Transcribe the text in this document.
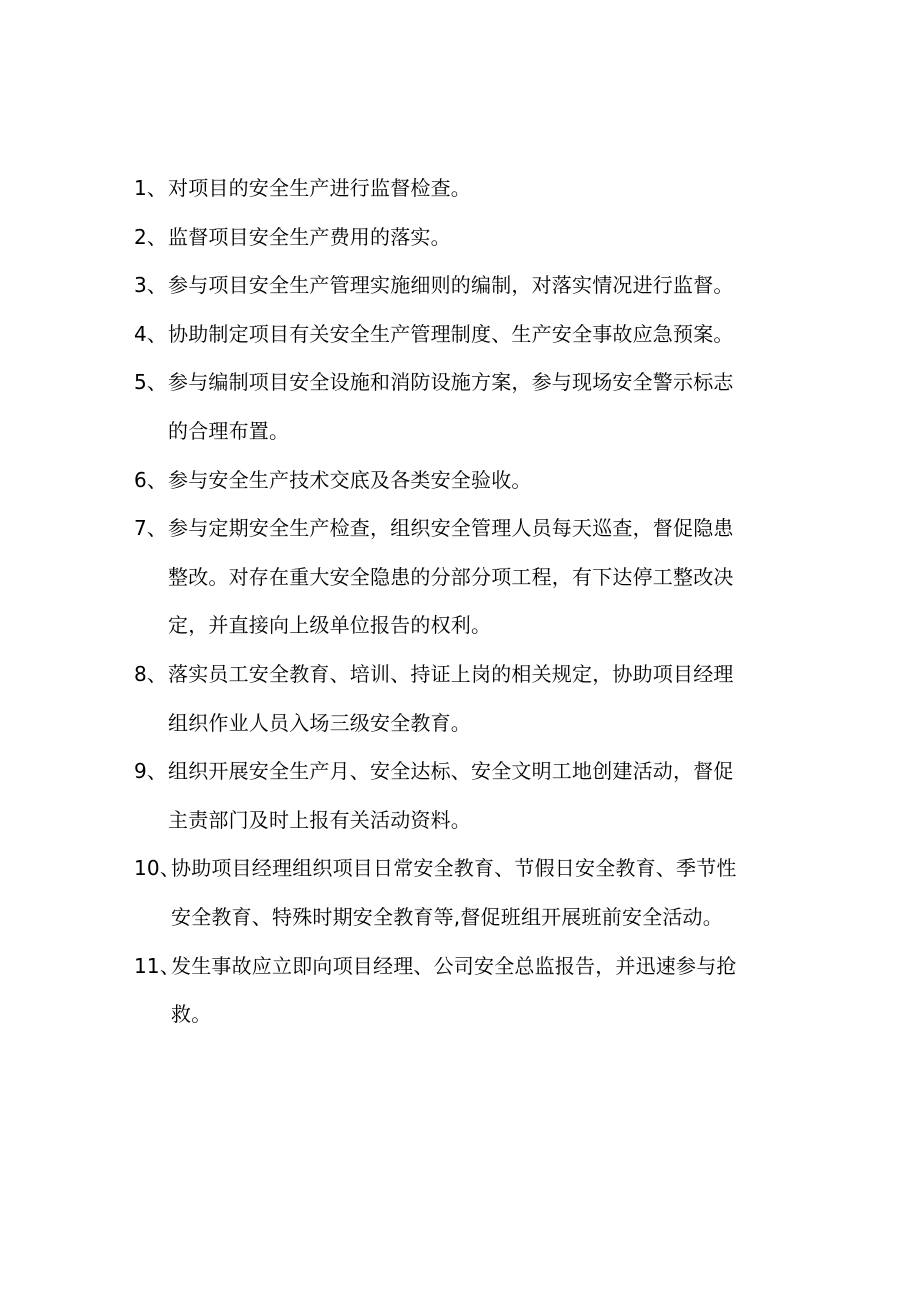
1、 对项目的安全生产进行监督检查。
2、 监督项目安全生产费用的落实。
3、 参与项目安全生产管理实施细则的编制，对落实情况进行监督。
4、 协助制定项目有关安全生产管理制度、生产安全事故应急预案。
5、 参与编制项目安全设施和消防设施方案，参与现场安全警示标志
的合理布置。
6、 参与安全生产技术交底及各类安全验收。
7、 参与定期安全生产检查，组织安全管理人员每天巡查，督促隐患
整改。对存在重大安全隐患的分部分项工程，有下达停工整改决
定，并直接向上级单位报告的权利。
8、 落实员工安全教育、培训、持证上岗的相关规定，协助项目经理
组织作业人员入场三级安全教育。
9、 组织开展安全生产月、安全达标、安全文明工地创建活动，督促
主责部门及时上报有关活动资料。
10、
协助项目经理组织项目日常安全教育、节假日安全教育、季节性
安全教育、特殊时期安全教育等,督促班组开展班前安全活动。
11、
发生事故应立即向项目经理、公司安全总监报告，并迅速参与抢
救。
